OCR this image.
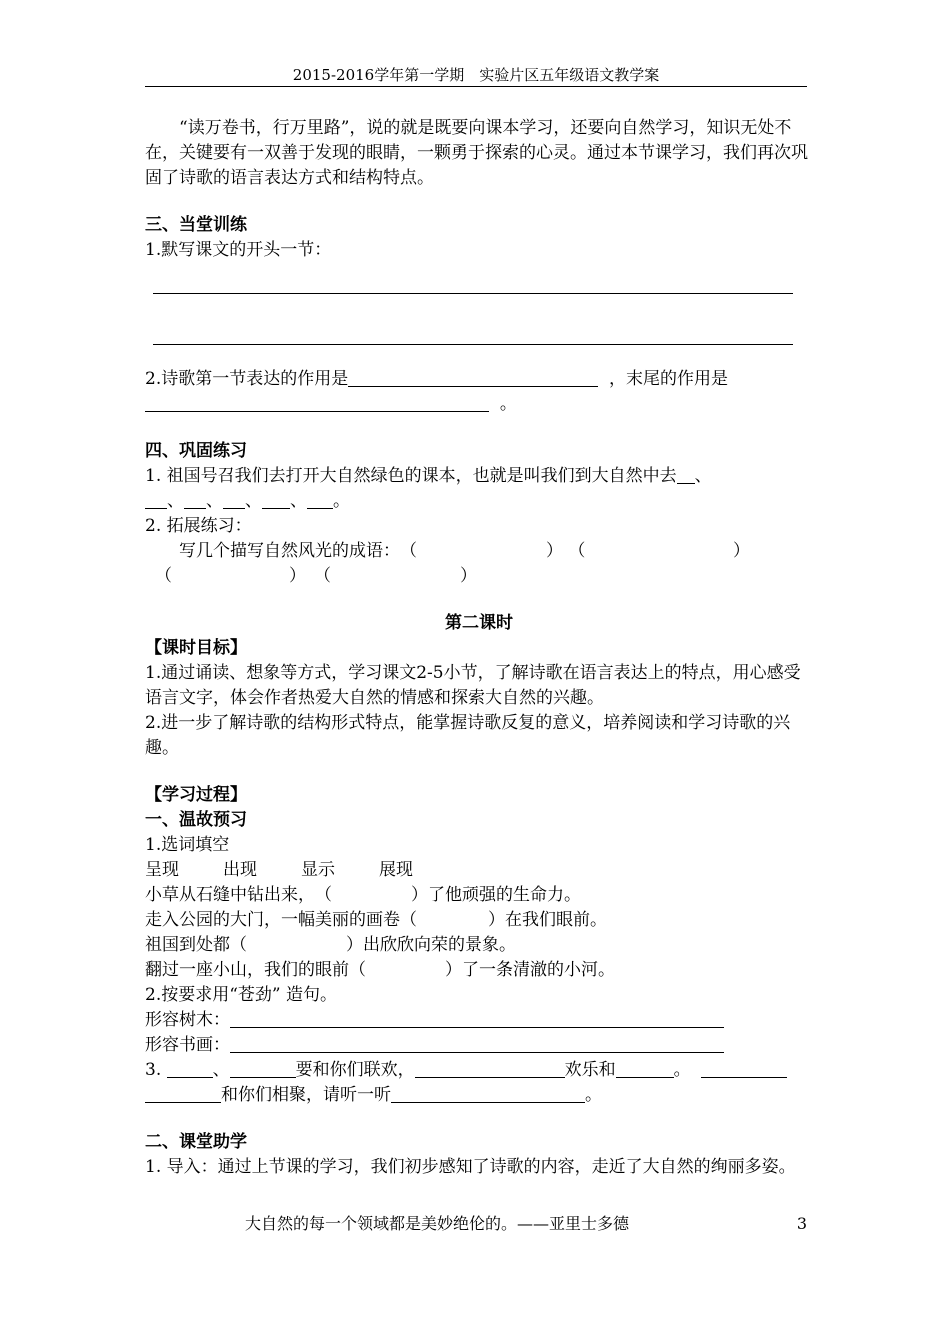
2015-2016学年第一学期　实验片区五年级语文教学案

“读万卷书，行万里路”，说的就是既要向课本学习，还要向自然学习，知识无处不在，关键要有一双善于发现的眼睛，一颗勇于探索的心灵。通过本节课学习，我们再次巩固了诗歌的语言表达方式和结构特点。

三、当堂训练

1.默写课文的开头一节：

2.诗歌第一节表达的作用是	，末尾的作用是

。

四、巩固练习

1. 祖国号召我们去打开大自然绿色的课本，也就是叫我们到大自然中去 、

、 、 、 、 。

2. 拓展练习：

写几个描写自然风光的成语：（	） （	）

（	） （	）

第二课时

【课时目标】

1.通过诵读、想象等方式，学习课文2-5小节，了解诗歌在语言表达上的特点，用心感受语言文字，体会作者热爱大自然的情感和探索大自然的兴趣。

2.进一步了解诗歌的结构形式特点，能掌握诗歌反复的意义，培养阅读和学习诗歌的兴趣。

【学习过程】

一、温故预习

1.选词填空

呈现	出现	显示	展现

小草从石缝中钻出来，（	）了他顽强的生命力。

走入公园的大门，一幅美丽的画卷（	）在我们眼前。

祖国到处都（	）出欣欣向荣的景象。

翻过一座小山，我们的眼前（	）了一条清澈的小河。

2.按要求用“苍劲” 造句。

形容树木：

形容书画：

3.	、	要和你们联欢，	欢乐和	。

和你们相聚，请听一听	。

二、课堂助学

1. 导入：通过上节课的学习，我们初步感知了诗歌的内容，走近了大自然的绚丽多姿。

大自然的每一个领域都是美妙绝伦的。——亚里士多德	3
